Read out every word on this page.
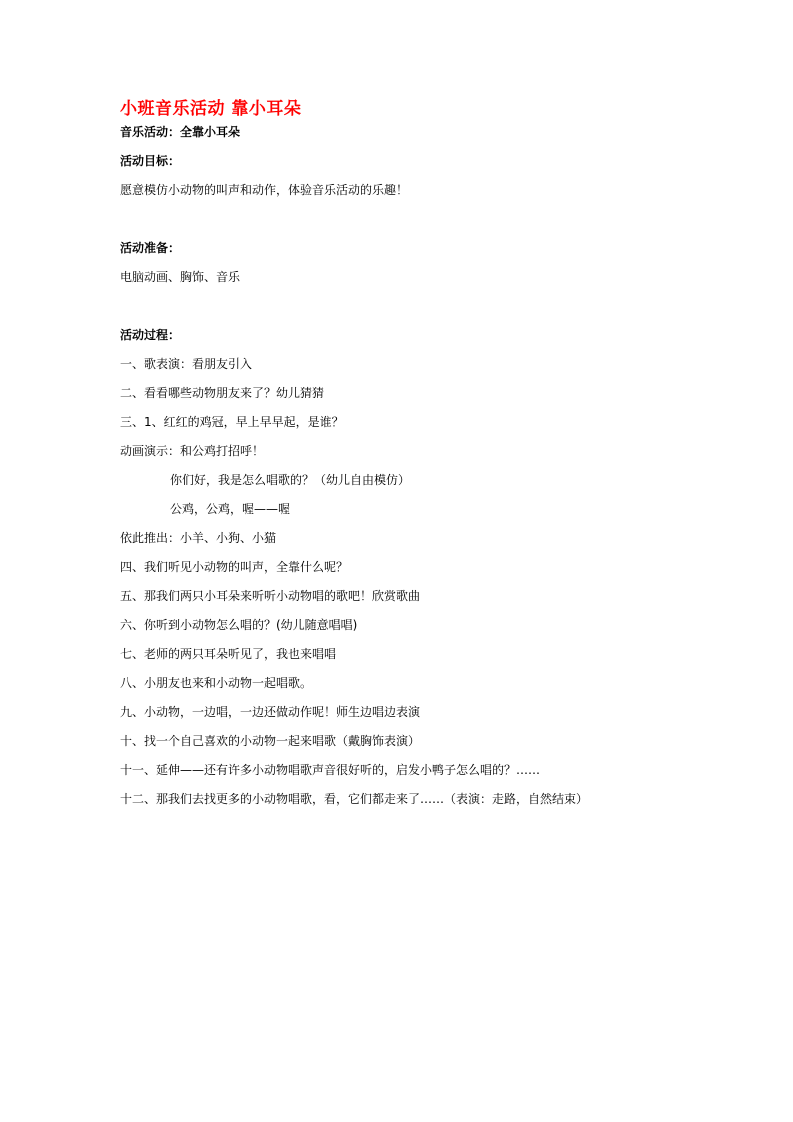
小班音乐活动 靠小耳朵
音乐活动：全靠小耳朵
活动目标：
愿意模仿小动物的叫声和动作，体验音乐活动的乐趣！
活动准备：
电脑动画、胸饰、音乐
活动过程：
一、歌表演：看朋友引入
二、看看哪些动物朋友来了？幼儿猜猜
三、1、红红的鸡冠，早上早早起，是谁？
动画演示：和公鸡打招呼！
你们好，我是怎么唱歌的？（幼儿自由模仿）
公鸡，公鸡，喔——喔
依此推出：小羊、小狗、小猫
四、我们听见小动物的叫声，全靠什么呢？
五、那我们两只小耳朵来听听小动物唱的歌吧！欣赏歌曲
六、你听到小动物怎么唱的？(幼儿随意唱唱)
七、老师的两只耳朵听见了，我也来唱唱
八、小朋友也来和小动物一起唱歌。
九、小动物，一边唱，一边还做动作呢！师生边唱边表演
十、找一个自己喜欢的小动物一起来唱歌（戴胸饰表演）
十一、延伸——还有许多小动物唱歌声音很好听的，启发小鸭子怎么唱的？……
十二、那我们去找更多的小动物唱歌，看，它们都走来了……（表演：走路，自然结束）
